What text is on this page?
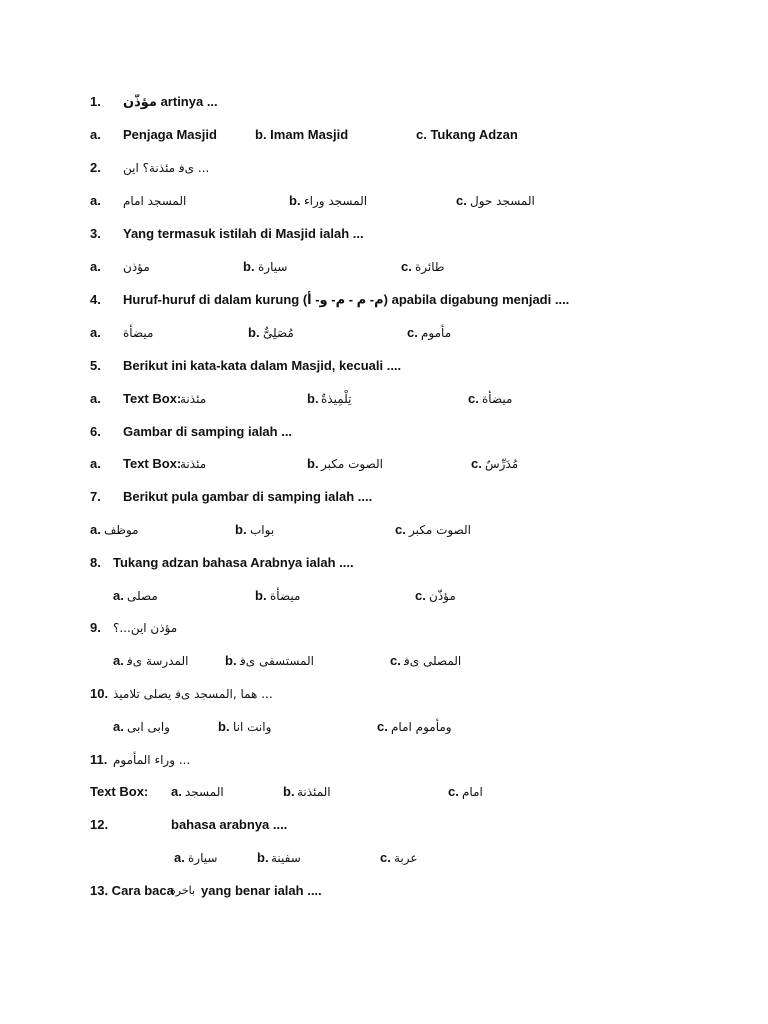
1. مؤذّن artinya ...
a. Penjaga Masjid	b. Imam Masjid	c. Tukang Adzan
2. ﻯﻓ مئذنة؟ اين ...
a. المسجد امام	b. المسجد وراء	c. المسجد حول
3. Yang termasuk istilah di Masjid ialah ...
a. مؤذن	b. سيارة	c. طائرة
4. Huruf-huruf di dalam kurung (م- م - م- و- أ) apabila digabung menjadi ....
a. ميضأة	b. مُصَلِىٌّ	c. مأموم
5. Berikut ini kata-kata dalam Masjid, kecuali ....
a. Text Box:
مئذنة	b. تِلْمِيذةٌ	c. ميضأة
6. Gambar di samping ialah ...
a. Text Box:
مئذنة	b. الصوت مكبر	c. مُدَرِّسٌ
7. Berikut pula gambar di samping ialah ....
a. موظف	b. بواب	c. الصوت مكبر
8. Tukang adzan bahasa Arabnya ialah ....
a. مصلى	b. ميضأة	c. مؤذّن
9. مؤذن اين...؟
a. المدرسة ﻯﻓ	b. المستسفى ﻯﻓ	c. المصلى ﻯﻓ
10. هما ,المسجد ﻯﻓ يصلى تلاميذ ...
a. وابى ابى	b. وانت انا	c. ومأموم امام
11. وراء المأموم ...
Text Box: a. المسجد	b. المئذنة	c. امام
12.	bahasa arabnya ....
a. سيارة	b. سفينة	c. عربة
13. Cara baca
باخرة yang benar ialah ....
